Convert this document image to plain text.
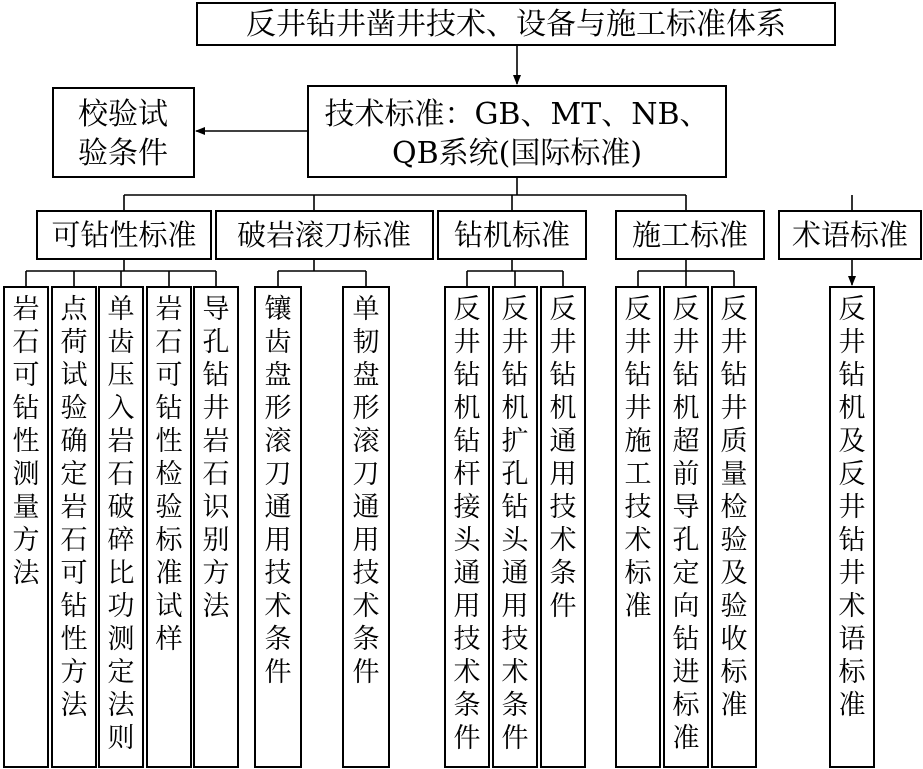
反井钻井凿井技术、设备与施工标准体系
技术标准：GB、MT、NB、
QB系统(国际标准)
校验试
验条件
可钻性标准 破岩滚刀标准 钻机标准 施工标准 术语标准
岩石可钻性测量方法
点荷试验确定岩石可钻性方法
单齿压入岩石破碎比功测定法则
岩石可钻性检验标准试样
导孔钻井岩石识别方法
镶齿盘形滚刀通用技术条件
单韧盘形滚刀通用技术条件
反井钻机钻杆接头通用技术条件
反井钻机扩孔钻头通用技术条件
反井钻机通用技术条件
反井钻井施工技术标准
反井钻机超前导孔定向钻进标准
反井钻井质量检验及验收标准
反井钻机及反井钻井术语标准
